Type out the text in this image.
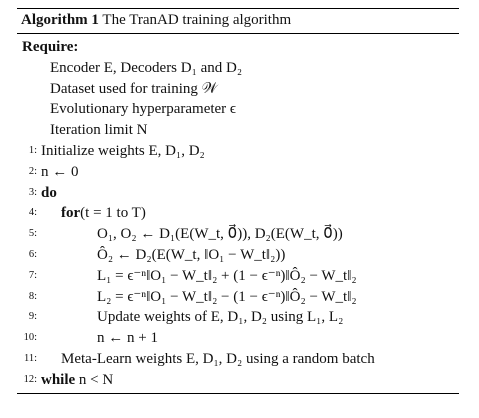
Algorithm 1 The TranAD training algorithm
Require:
Encoder E, Decoders D₁ and D₂
Dataset used for training 𝒲
Evolutionary hyperparameter ϵ
Iteration limit N
1: Initialize weights E, D₁, D₂
2: n ← 0
3: do
4: for(t = 1 to T)
5:	O₁, O₂ ← D₁(E(W_t, 0⃗)), D₂(E(W_t, 0⃗))
6:	Ô₂ ← D₂(E(W_t, ‖O₁ − W_t‖₂))
7:	L₁ = ϵ⁻ⁿ‖O₁ − W_t‖₂ + (1 − ϵ⁻ⁿ)‖Ô₂ − W_t‖₂
8:	L₂ = ϵ⁻ⁿ‖O₁ − W_t‖₂ − (1 − ϵ⁻ⁿ)‖Ô₂ − W_t‖₂
9:	Update weights of E, D₁, D₂ using L₁, L₂
10:	n ← n + 1
11: Meta-Learn weights E, D₁, D₂ using a random batch
12: while n < N
